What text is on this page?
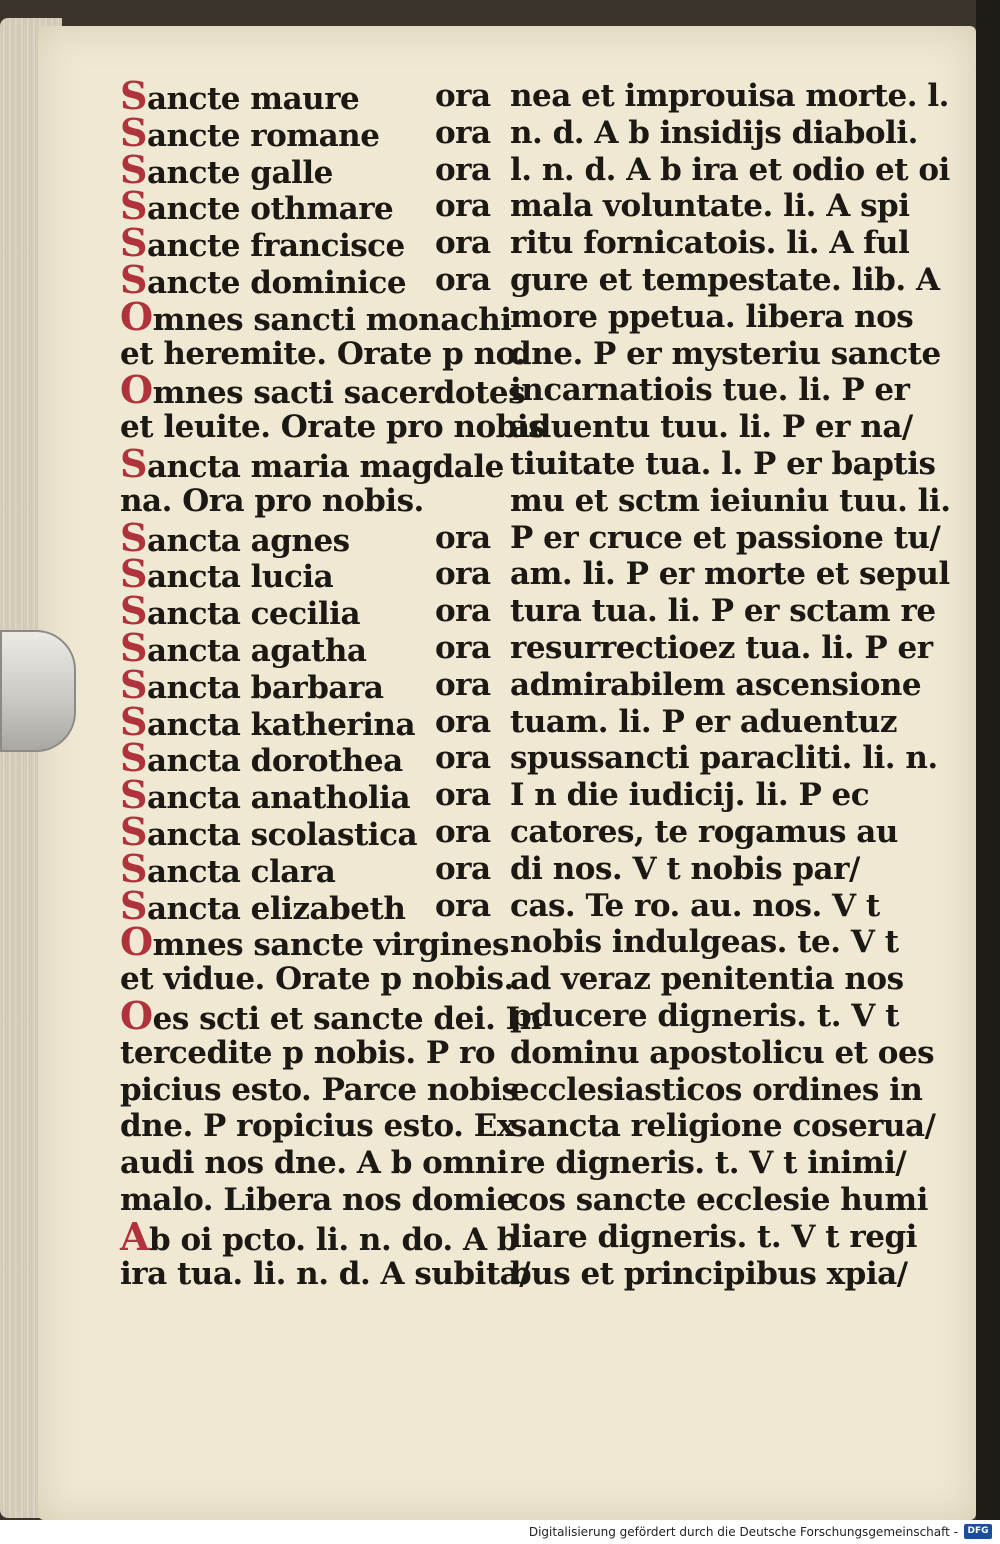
Sancte maure ora
Sancte romane ora
Sancte galle	ora
Sancte othmare ora
Sancte francisce ora
Sancte dominice ora
Omnes sancti monachi
et heremite. Orate p no.
Omnes sacti sacerdotes
et leuite. Orate pro nobis
Sancta maria magdale
na. Ora pro nobis.
Sancta agnes	ora
Sancta lucia	ora
Sancta cecilia ora
Sancta agatha ora
Sancta barbara ora
Sancta katherina ora
Sancta dorothea ora
Sancta anatholia ora
Sancta scolastica ora
Sancta clara	ora
Sancta elizabeth ora
Omnes sancte virgines
et vidue. Orate p nobis.
Oes scti et sancte dei. In
tercedite p nobis. P ro
picius esto. Parce nobis
dne. P ropicius esto. Ex
audi nos dne. A b omni
malo. Libera nos domie
Ab oi pcto. li. n. do. A b
ira tua. li. n. d. A subita/
nea et improuisa morte. l.
n. d. A b insidijs diaboli.
l. n. d. A b ira et odio et oi
mala voluntate. li. A spi
ritu fornicatois. li. A ful
gure et tempestate. lib. A
more ppetua. libera nos
dne. P er mysteriu sancte
incarnatiois tue. li. P er
aduentu tuu. li. P er na/
tiuitate tua. l. P er baptis
mu et sctm ieiuniu tuu. li.
P er cruce et passione tu/
am. li. P er morte et sepul
tura tua. li. P er sctam re
resurrectioez tua. li. P er
admirabilem ascensione
tuam. li. P er aduentuz
spussancti paracliti. li. n.
I n die iudicij. li. P ec
catores, te rogamus au
di nos. V t nobis par/
cas. Te ro. au. nos. V t
nobis indulgeas. te. V t
ad veraz penitentia nos
pducere digneris. t. V t
dominu apostolicu et oes
ecclesiasticos ordines in
sancta religione coserua/
re digneris. t. V t inimi/
cos sancte ecclesie humi
liare digneris. t. V t regi
bus et principibus xpia/
Digitalisierung gefördert durch die Deutsche Forschungsgemeinschaft -	DFG
